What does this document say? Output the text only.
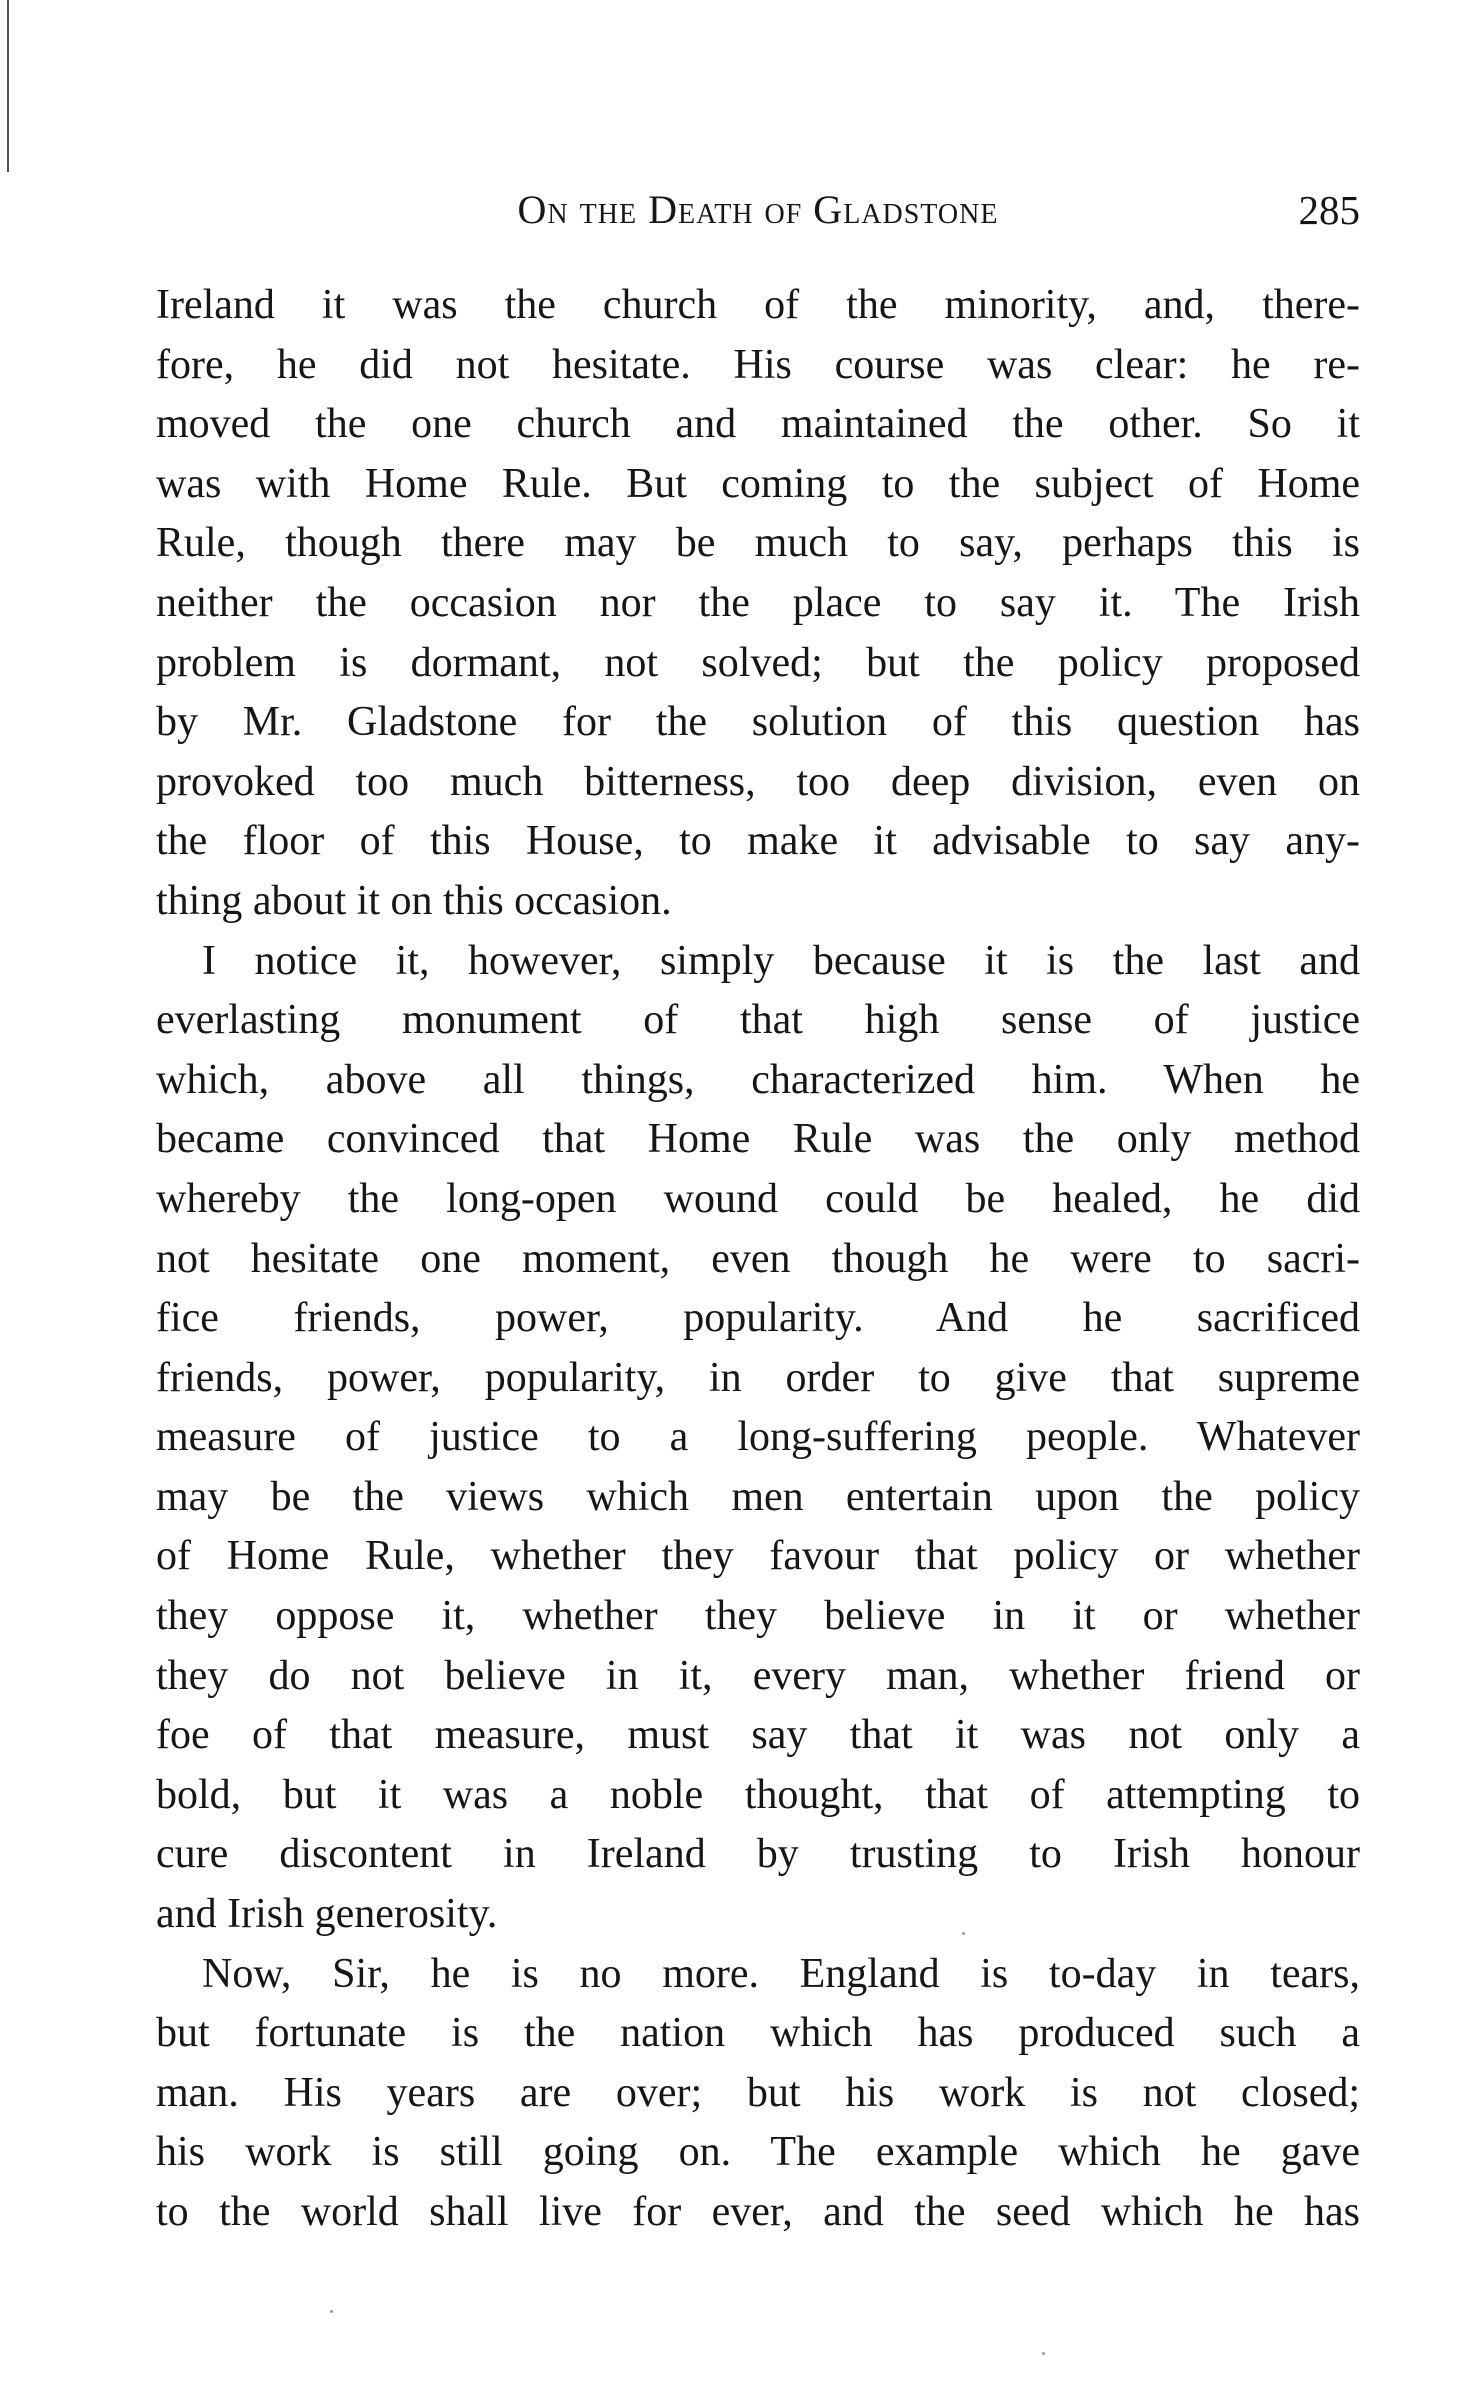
On the Death of Gladstone	285
Ireland it was the church of the minority, and, there-
fore, he did not hesitate. His course was clear: he re-
moved the one church and maintained the other. So it
was with Home Rule. But coming to the subject of Home
Rule, though there may be much to say, perhaps this is
neither the occasion nor the place to say it. The Irish
problem is dormant, not solved; but the policy proposed
by Mr. Gladstone for the solution of this question has
provoked too much bitterness, too deep division, even on
the floor of this House, to make it advisable to say any-
thing about it on this occasion.
I notice it, however, simply because it is the last and
everlasting monument of that high sense of justice
which, above all things, characterized him. When he
became convinced that Home Rule was the only method
whereby the long-open wound could be healed, he did
not hesitate one moment, even though he were to sacri-
fice friends, power, popularity. And he sacrificed
friends, power, popularity, in order to give that supreme
measure of justice to a long-suffering people. Whatever
may be the views which men entertain upon the policy
of Home Rule, whether they favour that policy or whether
they oppose it, whether they believe in it or whether
they do not believe in it, every man, whether friend or
foe of that measure, must say that it was not only a
bold, but it was a noble thought, that of attempting to
cure discontent in Ireland by trusting to Irish honour
and Irish generosity.
Now, Sir, he is no more. England is to-day in tears,
but fortunate is the nation which has produced such a
man. His years are over; but his work is not closed;
his work is still going on. The example which he gave
to the world shall live for ever, and the seed which he has
